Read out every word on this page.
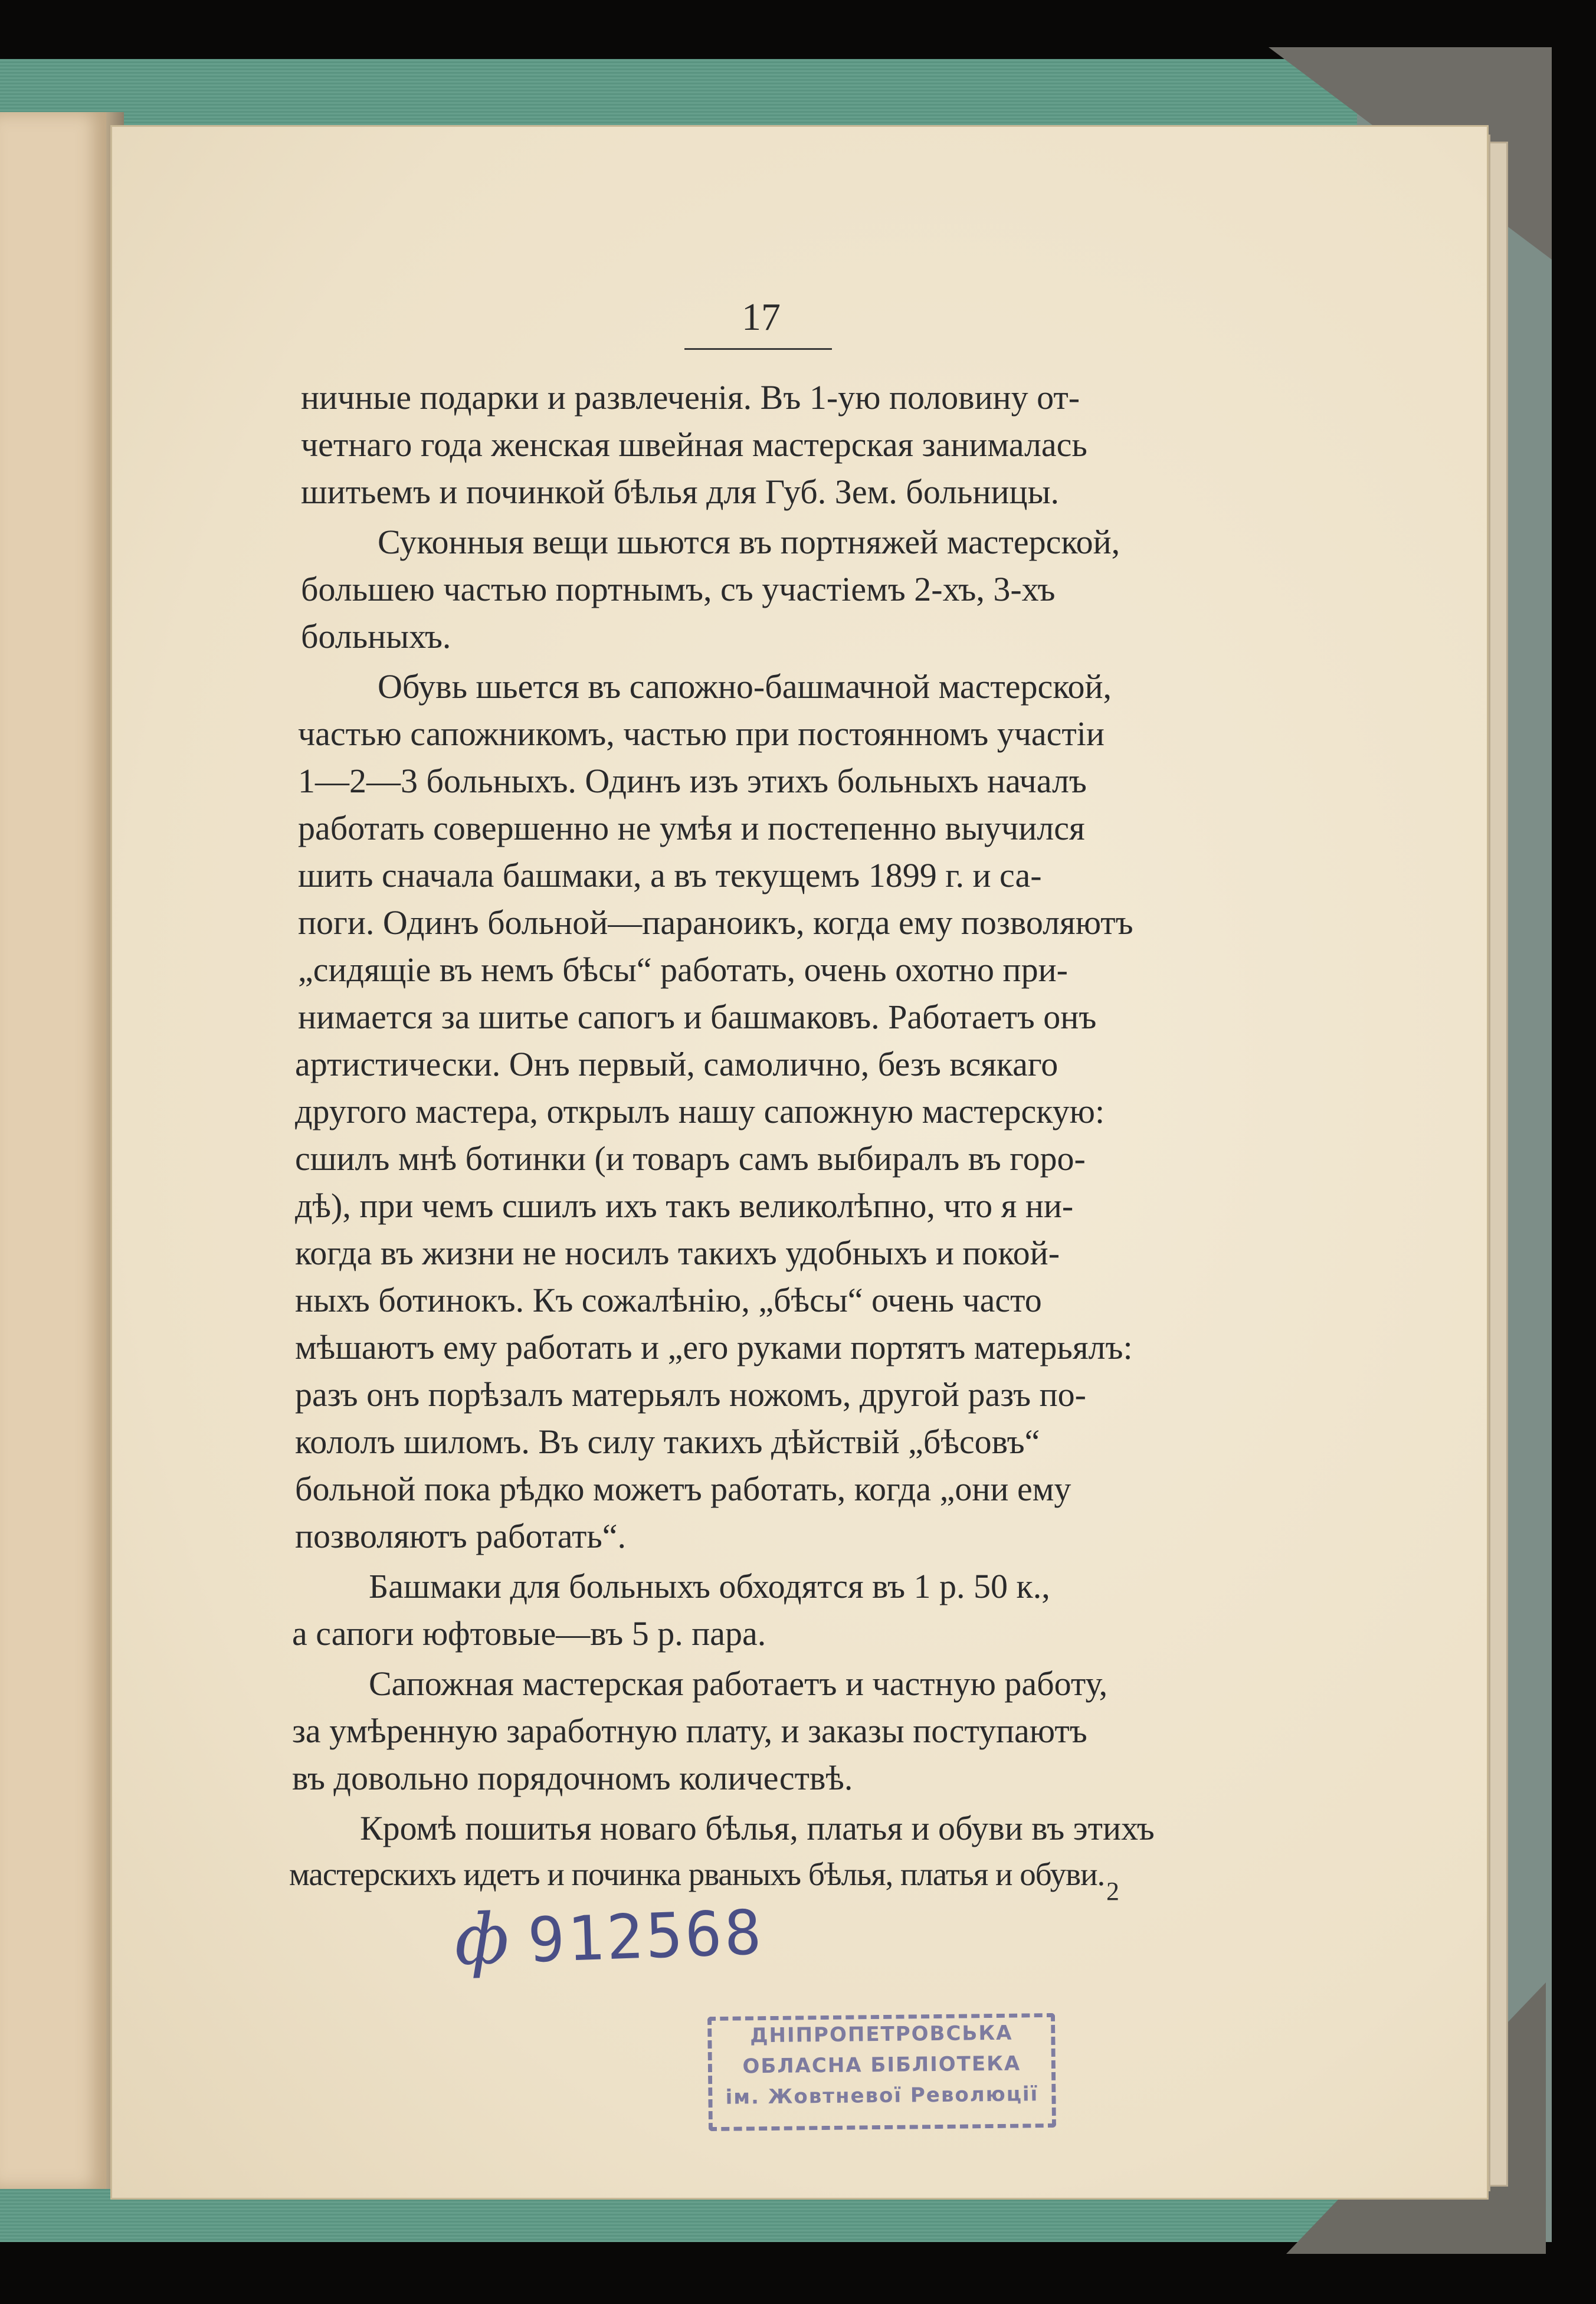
17

ничные подарки и развлеченія. Въ 1-ую половину от-

четнаго года женская швейная мастерская занималась

шитьемъ и починкой бѣлья для Губ. Зем. больницы.

Суконныя вещи шьются въ портняжей мастерской,

большею частью портнымъ, съ участіемъ 2-хъ, 3-хъ

больныхъ.

Обувь шьется въ сапожно-башмачной мастерской,

частью сапожникомъ, частью при постоянномъ участіи

1—2—3 больныхъ. Одинъ изъ этихъ больныхъ началъ

работать совершенно не умѣя и постепенно выучился

шить сначала башмаки, а въ текущемъ 1899 г. и са-

поги. Одинъ больной—параноикъ, когда ему позволяютъ

„сидящіе въ немъ бѣсы“ работать, очень охотно при-

нимается за шитье сапогъ и башмаковъ. Работаетъ онъ

артистически. Онъ первый, самолично, безъ всякаго

другого мастера, открылъ нашу сапожную мастерскую:

сшилъ мнѣ ботинки (и товаръ самъ выбиралъ въ горо-

дѣ), при чемъ сшилъ ихъ такъ великолѣпно, что я ни-

когда въ жизни не носилъ такихъ удобныхъ и покой-

ныхъ ботинокъ. Къ сожалѣнію, „бѣсы“ очень часто

мѣшаютъ ему работать и „его руками портятъ матерьялъ:

разъ онъ порѣзалъ матерьялъ ножомъ, другой разъ по-

кололъ шиломъ. Въ силу такихъ дѣйствій „бѣсовъ“

больной пока рѣдко можетъ работать, когда „они ему

позволяютъ работать“.

Башмаки для больныхъ обходятся въ 1 р. 50 к.,

а сапоги юфтовые—въ 5 р. пара.

Сапожная мастерская работаетъ и частную работу,

за умѣренную заработную плату, и заказы поступаютъ

въ довольно порядочномъ количествѣ.

Кромѣ пошитья новаго бѣлья, платья и обуви въ этихъ

мастерскихъ идетъ и починка рваныхъ бѣлья, платья и обуви. 2
ф 912568
ДНІПРОПЕТРОВСЬКА
ОБЛАСНА БІБЛІОТЕКА
ім. Жовтневої Революції
